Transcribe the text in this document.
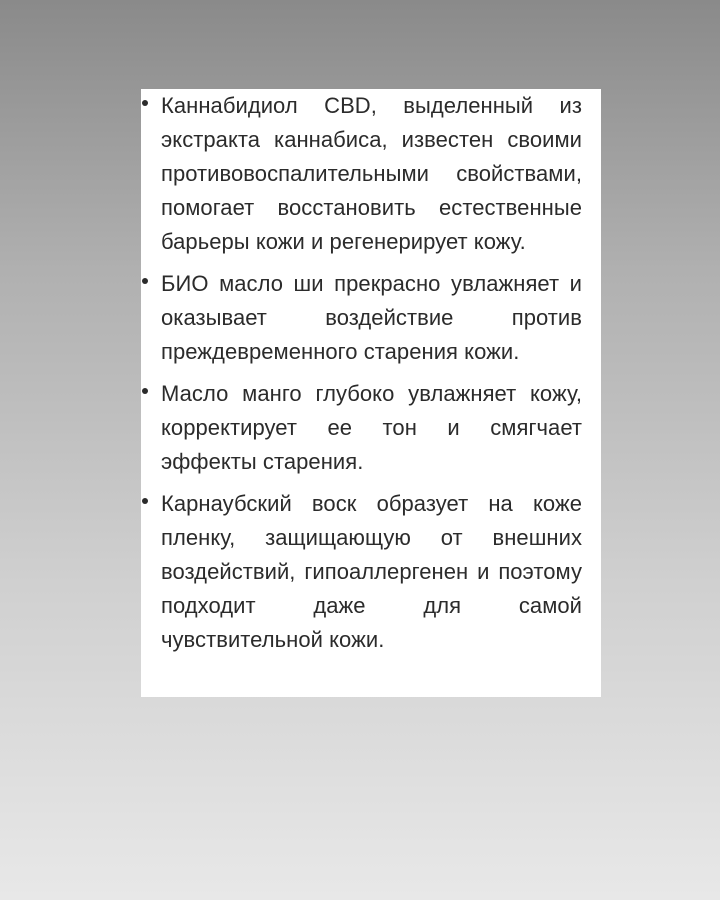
Каннабидиол CBD, выделенный из экстракта каннабиса, известен своими противовоспалительными свойствами, помогает восстановить естественные барьеры кожи и регенерирует кожу.

БИО масло ши прекрасно увлажняет и оказывает воздействие против преждевременного старения кожи.

Масло манго глубоко увлажняет кожу, корректирует ее тон и смягчает эффекты старения.

Карнаубский воск образует на коже пленку, защищающую от внешних воздействий, гипоаллергенен и поэтому подходит даже для самой чувствительной кожи.
